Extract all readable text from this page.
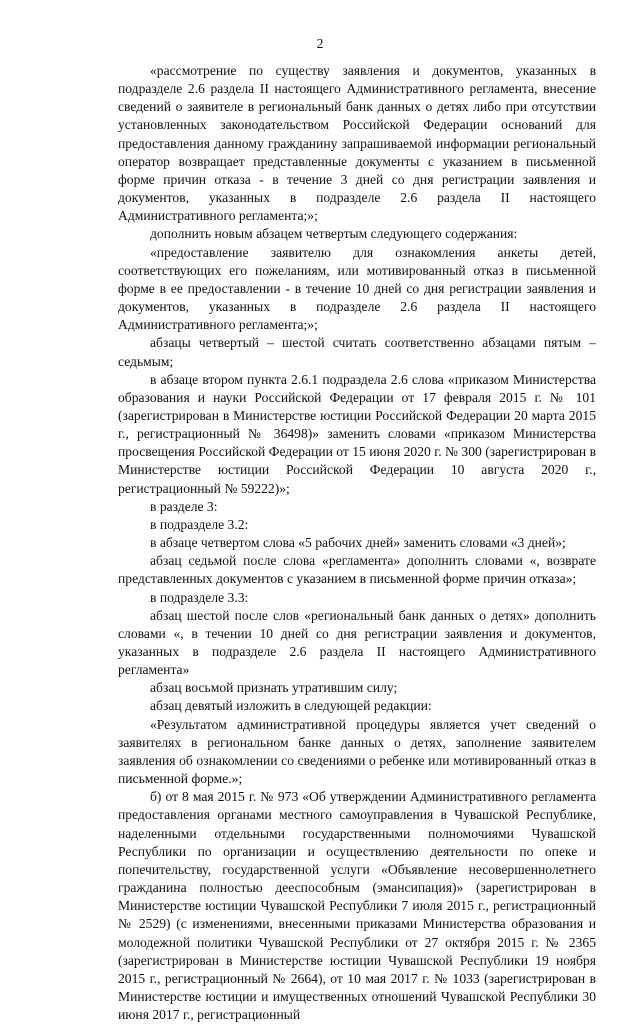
2

«рассмотрение по существу заявления и документов, указанных в подразделе 2.6 раздела II настоящего Административного регламента, внесение сведений о заявителе в региональный банк данных о детях либо при отсутствии установленных законодательством Российской Федерации оснований для предоставления данному гражданину запрашиваемой информации региональный оператор возвращает представленные документы с указанием в письменной форме причин отказа - в течение 3 дней со дня регистрации заявления и документов, указанных в подразделе 2.6 раздела II настоящего Административного регламента;»;

дополнить новым абзацем четвертым следующего содержания:

«предоставление заявителю для ознакомления анкеты детей, соответствующих его пожеланиям, или мотивированный отказ в письменной форме в ее предоставлении - в течение 10 дней со дня регистрации заявления и документов, указанных в подразделе 2.6 раздела II настоящего Административного регламента;»;

абзацы четвертый – шестой считать соответственно абзацами пятым – седьмым;

в абзаце втором пункта 2.6.1 подраздела 2.6 слова «приказом Министерства образования и науки Российской Федерации от 17 февраля 2015 г. № 101 (зарегистрирован в Министерстве юстиции Российской Федерации 20 марта 2015 г., регистрационный № 36498)» заменить словами «приказом Министерства просвещения Российской Федерации от 15 июня 2020 г. № 300 (зарегистрирован в Министерстве юстиции Российской Федерации 10 августа 2020 г., регистрационный № 59222)»;

в разделе 3:

в подразделе 3.2:

в абзаце четвертом слова «5 рабочих дней» заменить словами «3 дней»;

абзац седьмой после слова «регламента» дополнить словами «, возврате представленных документов с указанием в письменной форме причин отказа»;

в подразделе 3.3:

абзац шестой после слов «региональный банк данных о детях» дополнить словами «, в течении 10 дней со дня регистрации заявления и документов, указанных в подразделе 2.6 раздела II настоящего Административного регламента»

абзац восьмой признать утратившим силу;

абзац девятый изложить в следующей редакции:

«Результатом административной процедуры является учет сведений о заявителях в региональном банке данных о детях, заполнение заявителем заявления об ознакомлении со сведениями о ребенке или мотивированный отказ в письменной форме.»;

б) от 8 мая 2015 г. № 973 «Об утверждении Административного регламента предоставления органами местного самоуправления в Чувашской Республике, наделенными отдельными государственными полномочиями Чувашской Республики по организации и осуществлению деятельности по опеке и попечительству, государственной услуги «Объявление несовершеннолетнего гражданина полностью дееспособным (эмансипация)» (зарегистрирован в Министерстве юстиции Чувашской Республики 7 июля 2015 г., регистрационный № 2529) (с изменениями, внесенными приказами Министерства образования и молодежной политики Чувашской Республики от 27 октября 2015 г. № 2365 (зарегистрирован в Министерстве юстиции Чувашской Республики 19 ноября 2015 г., регистрационный № 2664), от 10 мая 2017 г. № 1033 (зарегистрирован в Министерстве юстиции и имущественных отношений Чувашской Республики 30 июня 2017 г., регистрационный
